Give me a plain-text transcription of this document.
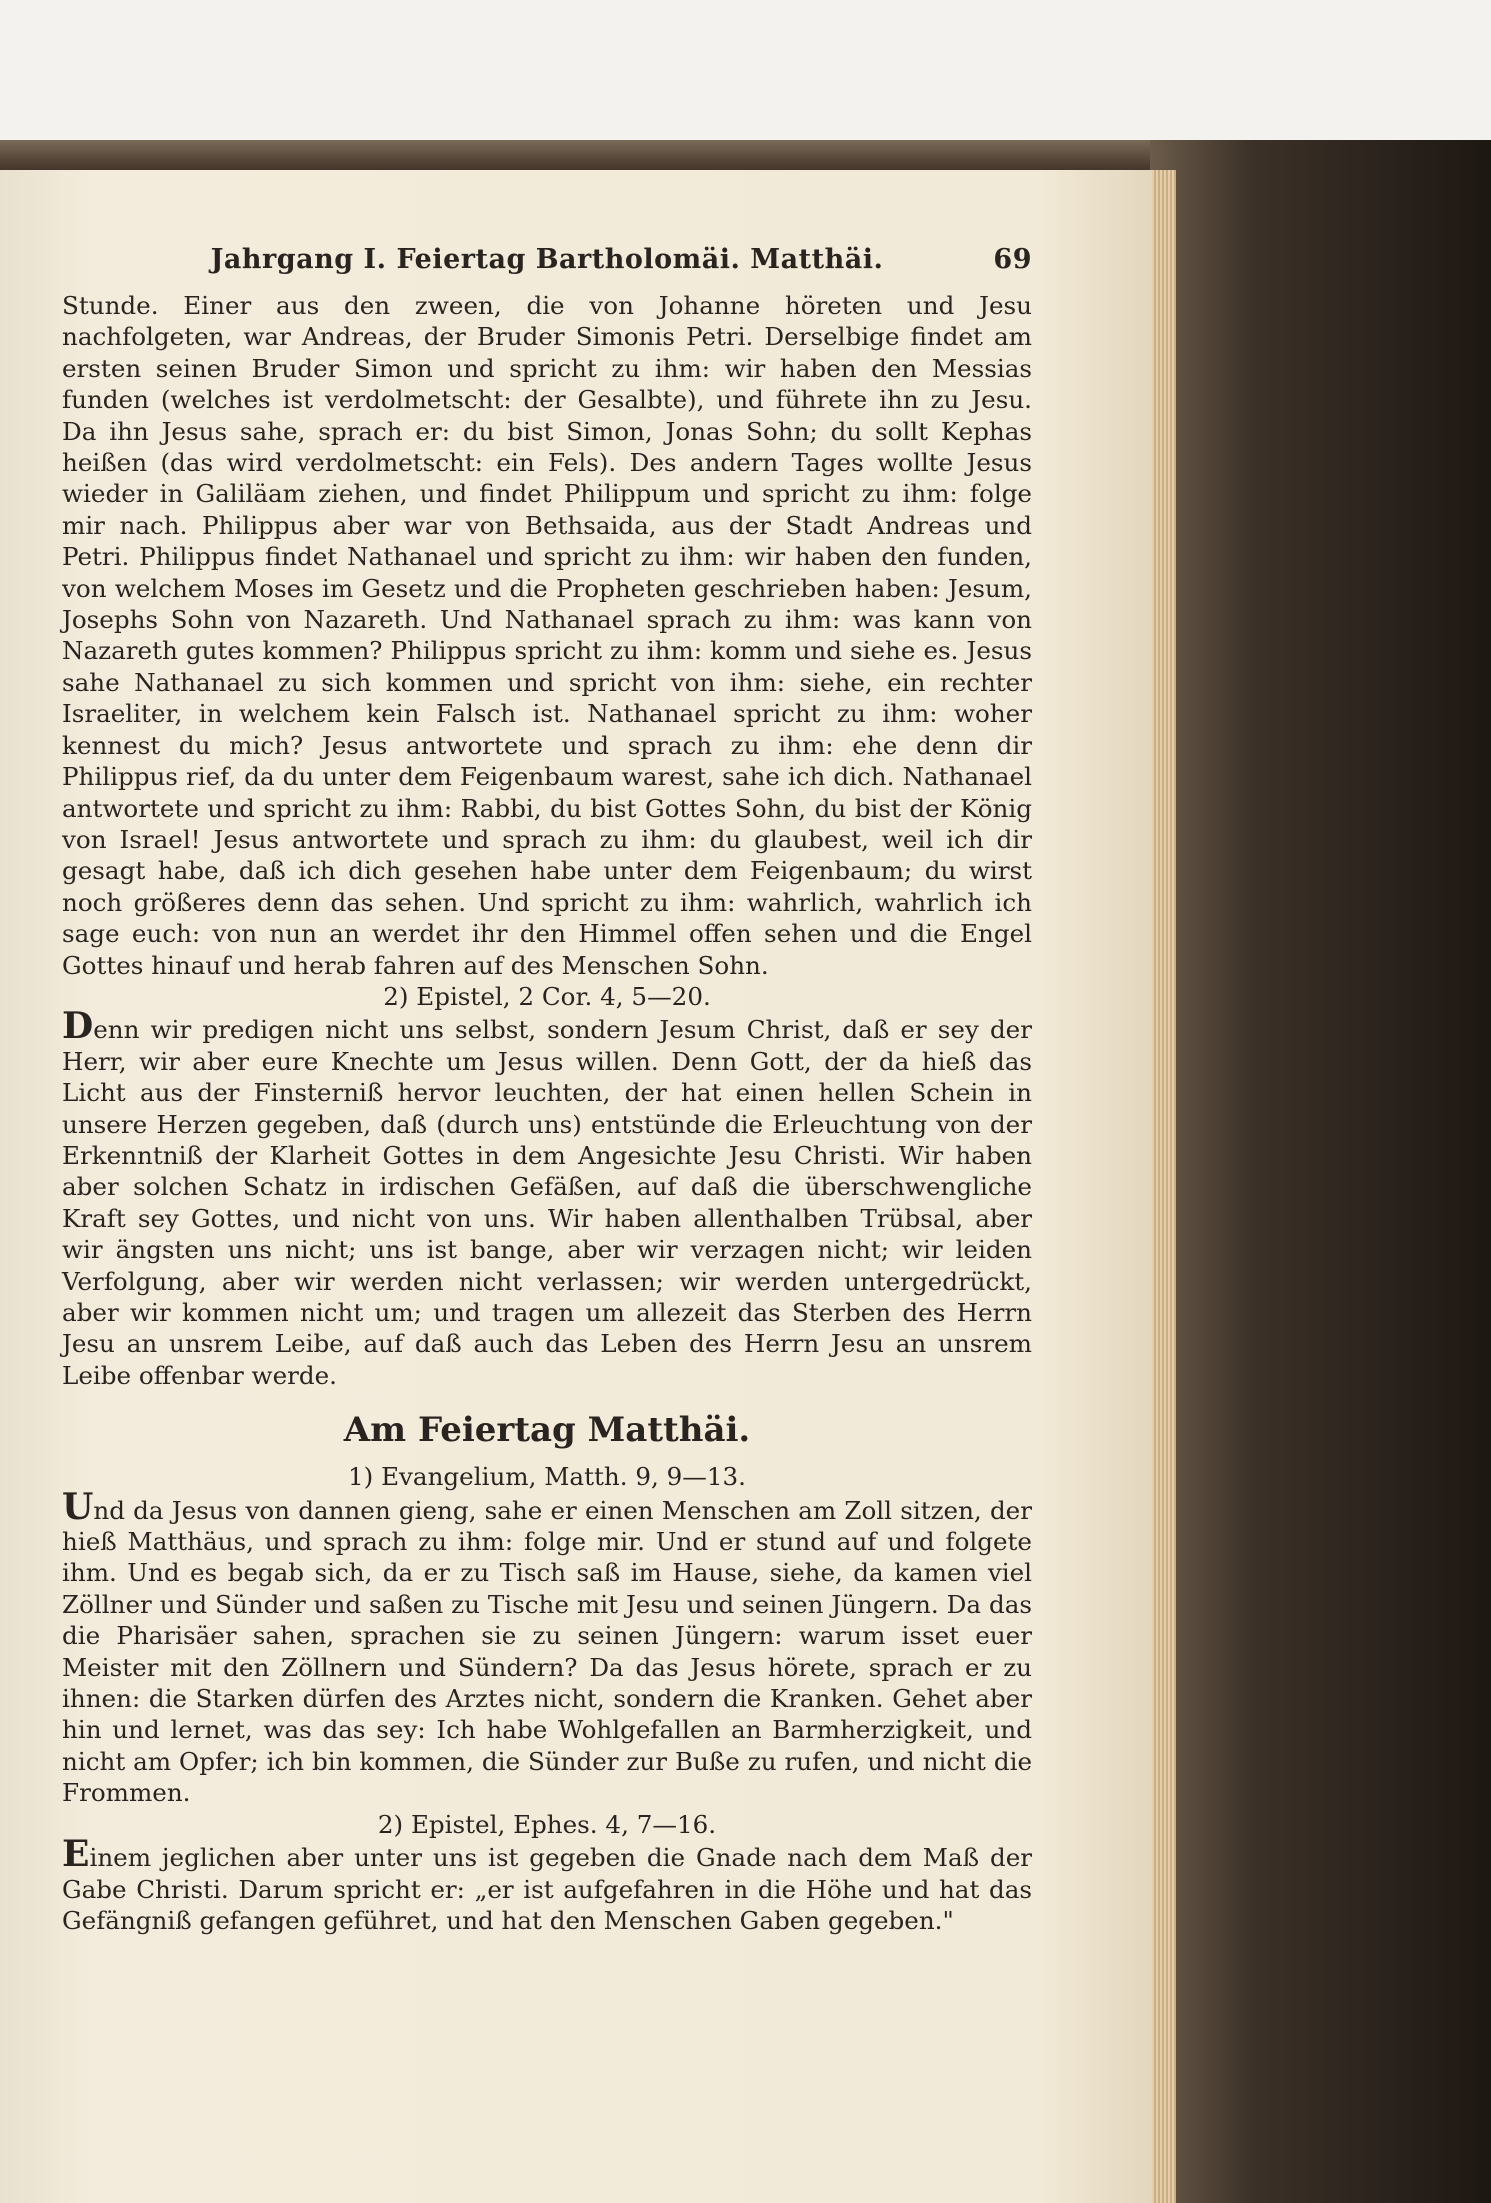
Jahrgang I. Feiertag Bartholomäi. Matthäi.	69

Stunde. Einer aus den zween, die von Johanne höreten und Jesu nachfolgeten, war Andreas, der Bruder Simonis Petri. Derselbige findet am ersten seinen Bruder Simon und spricht zu ihm: wir haben den Messias funden (welches ist verdolmetscht: der Gesalbte), und führete ihn zu Jesu. Da ihn Jesus sahe, sprach er: du bist Simon, Jonas Sohn; du sollt Kephas heißen (das wird verdolmetscht: ein Fels). Des andern Tages wollte Jesus wieder in Galiläam ziehen, und findet Philippum und spricht zu ihm: folge mir nach. Philippus aber war von Bethsaida, aus der Stadt Andreas und Petri. Philippus findet Nathanael und spricht zu ihm: wir haben den funden, von welchem Moses im Gesetz und die Propheten geschrieben haben: Jesum, Josephs Sohn von Nazareth. Und Nathanael sprach zu ihm: was kann von Nazareth gutes kommen? Philippus spricht zu ihm: komm und siehe es. Jesus sahe Nathanael zu sich kommen und spricht von ihm: siehe, ein rechter Israeliter, in welchem kein Falsch ist. Nathanael spricht zu ihm: woher kennest du mich? Jesus antwortete und sprach zu ihm: ehe denn dir Philippus rief, da du unter dem Feigenbaum warest, sahe ich dich. Nathanael antwortete und spricht zu ihm: Rabbi, du bist Gottes Sohn, du bist der König von Israel! Jesus antwortete und sprach zu ihm: du glaubest, weil ich dir gesagt habe, daß ich dich gesehen habe unter dem Feigenbaum; du wirst noch größeres denn das sehen. Und spricht zu ihm: wahrlich, wahrlich ich sage euch: von nun an werdet ihr den Himmel offen sehen und die Engel Gottes hinauf und herab fahren auf des Menschen Sohn.

2) Epistel, 2 Cor. 4, 5—20.

Denn wir predigen nicht uns selbst, sondern Jesum Christ, daß er sey der Herr, wir aber eure Knechte um Jesus willen. Denn Gott, der da hieß das Licht aus der Finsterniß hervor leuchten, der hat einen hellen Schein in unsere Herzen gegeben, daß (durch uns) entstünde die Erleuchtung von der Erkenntniß der Klarheit Gottes in dem Angesichte Jesu Christi. Wir haben aber solchen Schatz in irdischen Gefäßen, auf daß die überschwengliche Kraft sey Gottes, und nicht von uns. Wir haben allenthalben Trübsal, aber wir ängsten uns nicht; uns ist bange, aber wir verzagen nicht; wir leiden Verfolgung, aber wir werden nicht verlassen; wir werden untergedrückt, aber wir kommen nicht um; und tragen um allezeit das Sterben des Herrn Jesu an unsrem Leibe, auf daß auch das Leben des Herrn Jesu an unsrem Leibe offenbar werde.

Am Feiertag Matthäi.

1) Evangelium, Matth. 9, 9—13.

Und da Jesus von dannen gieng, sahe er einen Menschen am Zoll sitzen, der hieß Matthäus, und sprach zu ihm: folge mir. Und er stund auf und folgete ihm. Und es begab sich, da er zu Tisch saß im Hause, siehe, da kamen viel Zöllner und Sünder und saßen zu Tische mit Jesu und seinen Jüngern. Da das die Pharisäer sahen, sprachen sie zu seinen Jüngern: warum isset euer Meister mit den Zöllnern und Sündern? Da das Jesus hörete, sprach er zu ihnen: die Starken dürfen des Arztes nicht, sondern die Kranken. Gehet aber hin und lernet, was das sey: Ich habe Wohlgefallen an Barmherzigkeit, und nicht am Opfer; ich bin kommen, die Sünder zur Buße zu rufen, und nicht die Frommen.

2) Epistel, Ephes. 4, 7—16.

Einem jeglichen aber unter uns ist gegeben die Gnade nach dem Maß der Gabe Christi. Darum spricht er: „er ist aufgefahren in die Höhe und hat das Gefängniß gefangen geführet, und hat den Menschen Gaben gegeben."
